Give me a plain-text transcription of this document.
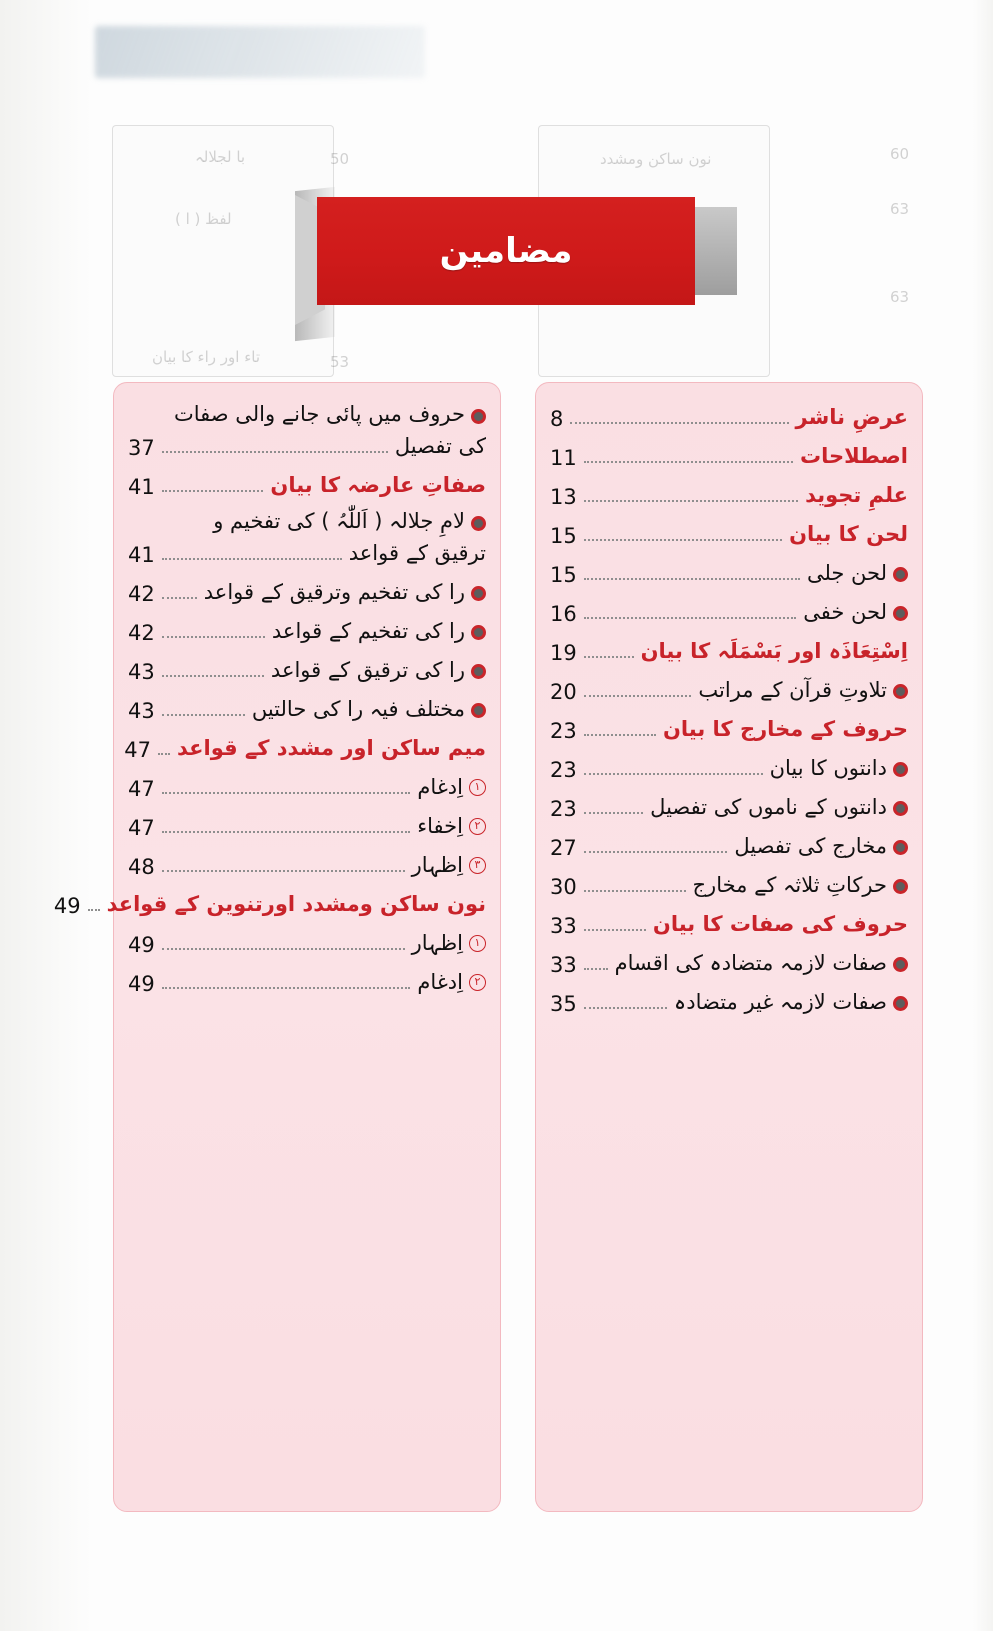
با لجلالہ
لفظ ( ا )
تاء اور راء کا بیان
50
53
60
63
63
نون ساکن ومشدد
مضامین
عرضِ ناشر
8
اصطلاحات
11
علمِ تجوید
13
لحن کا بیان
15
لحن جلی
15
لحن خفی
16
اِسْتِعَاذَہ اور بَسْمَلَہ کا بیان
19
تلاوتِ قرآن کے مراتب
20
حروف کے مخارج کا بیان
23
دانتوں کا بیان
23
دانتوں کے ناموں کی تفصیل
23
مخارج کی تفصیل
27
حرکاتِ ثلاثہ کے مخارج
30
حروف کی صفات کا بیان
33
صفات لازمہ متضادہ کی اقسام
33
صفات لازمہ غیر متضادہ
35
حروف میں پائی جانے والی صفات
کی تفصیل
37
صفاتِ عارضہ کا بیان
41
لامِ جلالہ ( اَللّٰہُ ) کی تفخیم و
ترقیق کے قواعد
41
را کی تفخیم وترقیق کے قواعد
42
را کی تفخیم کے قواعد
42
را کی ترقیق کے قواعد
43
مختلف فیہ را کی حالتیں
43
میم ساکن اور مشدد کے قواعد
47
۱
اِدغام
47
۲
اِخفاء
47
۳
اِظہار
48
نون ساکن ومشدد اورتنوین کے قواعد
49
۱
اِظہار
49
۲
اِدغام
49
